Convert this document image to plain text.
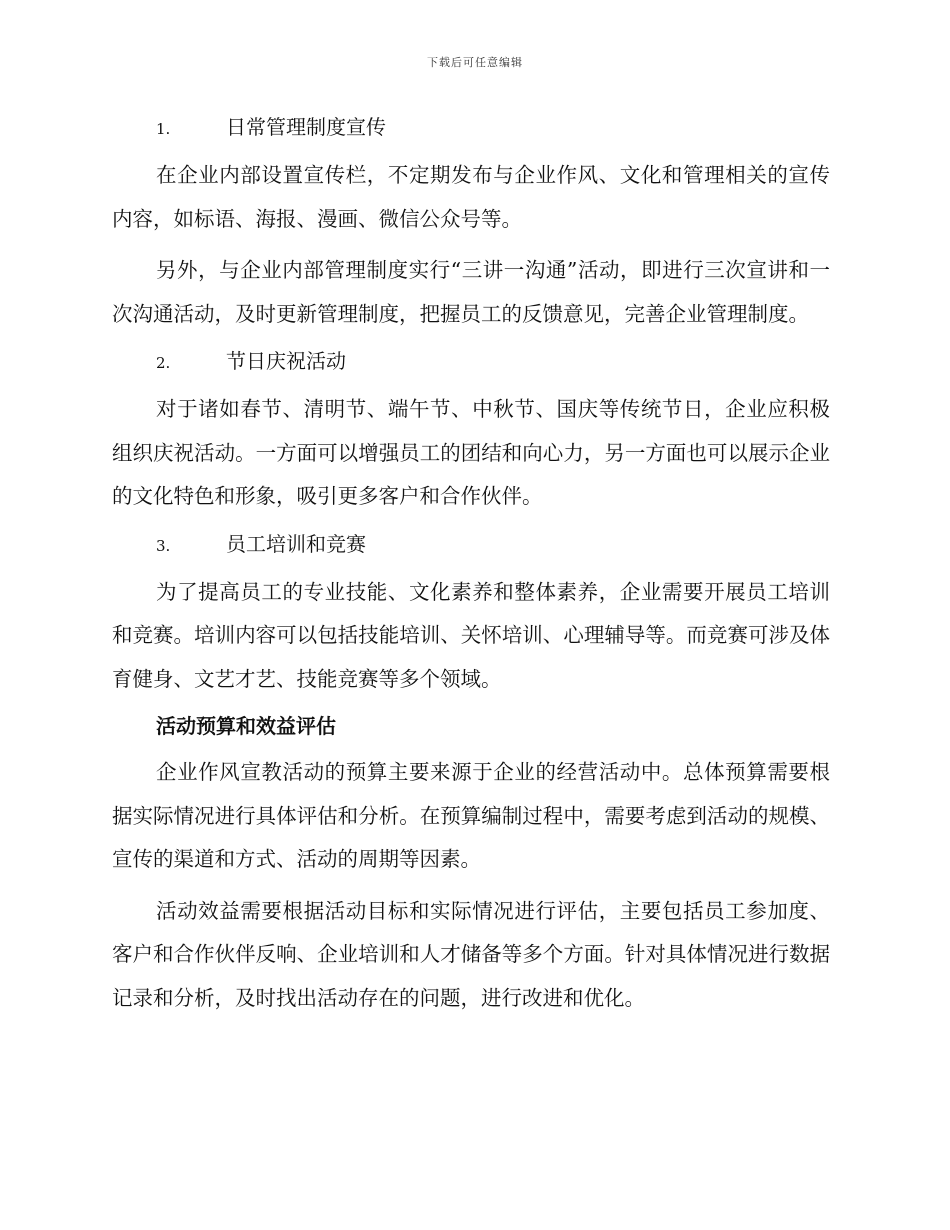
下载后可任意编辑
1.	日常管理制度宣传

在企业内部设置宣传栏，不定期发布与企业作风、文化和管理相关的宣传内容，如标语、海报、漫画、微信公众号等。

另外，与企业内部管理制度实行“三讲一沟通”活动，即进行三次宣讲和一次沟通活动，及时更新管理制度，把握员工的反馈意见，完善企业管理制度。

2.	节日庆祝活动

对于诸如春节、清明节、端午节、中秋节、国庆等传统节日，企业应积极组织庆祝活动。一方面可以增强员工的团结和向心力，另一方面也可以展示企业的文化特色和形象，吸引更多客户和合作伙伴。

3.	员工培训和竞赛

为了提高员工的专业技能、文化素养和整体素养，企业需要开展员工培训和竞赛。培训内容可以包括技能培训、关怀培训、心理辅导等。而竞赛可涉及体育健身、文艺才艺、技能竞赛等多个领域。

活动预算和效益评估

企业作风宣教活动的预算主要来源于企业的经营活动中。总体预算需要根据实际情况进行具体评估和分析。在预算编制过程中，需要考虑到活动的规模、宣传的渠道和方式、活动的周期等因素。

活动效益需要根据活动目标和实际情况进行评估，主要包括员工参加度、客户和合作伙伴反响、企业培训和人才储备等多个方面。针对具体情况进行数据记录和分析，及时找出活动存在的问题，进行改进和优化。
